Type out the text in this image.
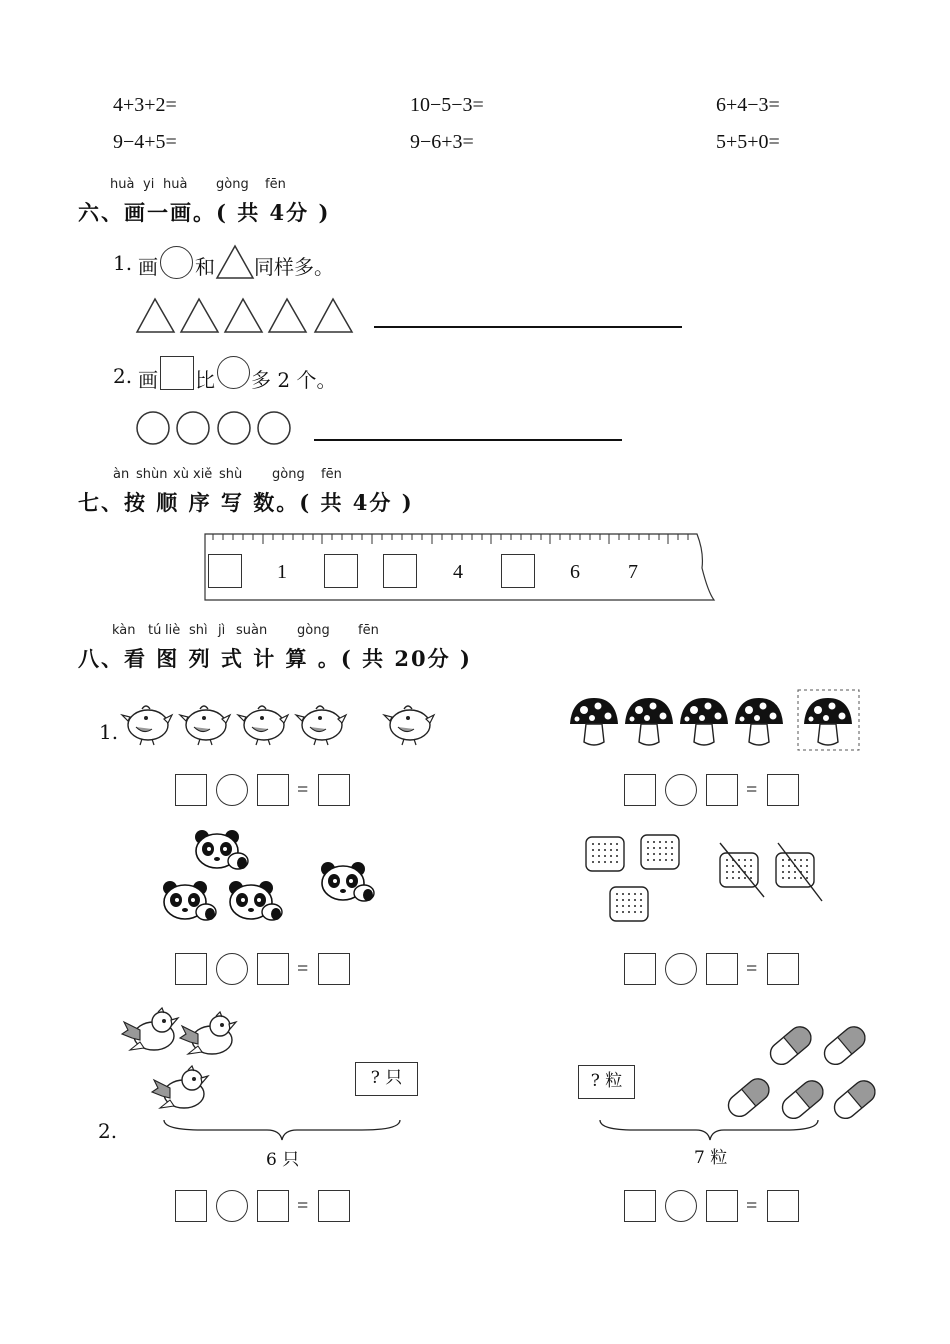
4+3+2=	10−5−3=	6+4−3=
9−4+5=	9−6+3=	5+5+0=
huà yi huà gòng fēn
六、画一画。( 共 4分 )
1. 画 和 同样多。
2. 画 比 多 2 个。
àn shùn xù xiě shù gòng fēn
七、按 顺 序 写 数。( 共 4分 )
1	4	6 7
kàn tú liè shì jì suàn gòng fēn
八、看 图 列 式 计 算 。( 共 20分 )
1.
=	=
=	=
2.
? 只
6 只
? 粒
7 粒
=	=
